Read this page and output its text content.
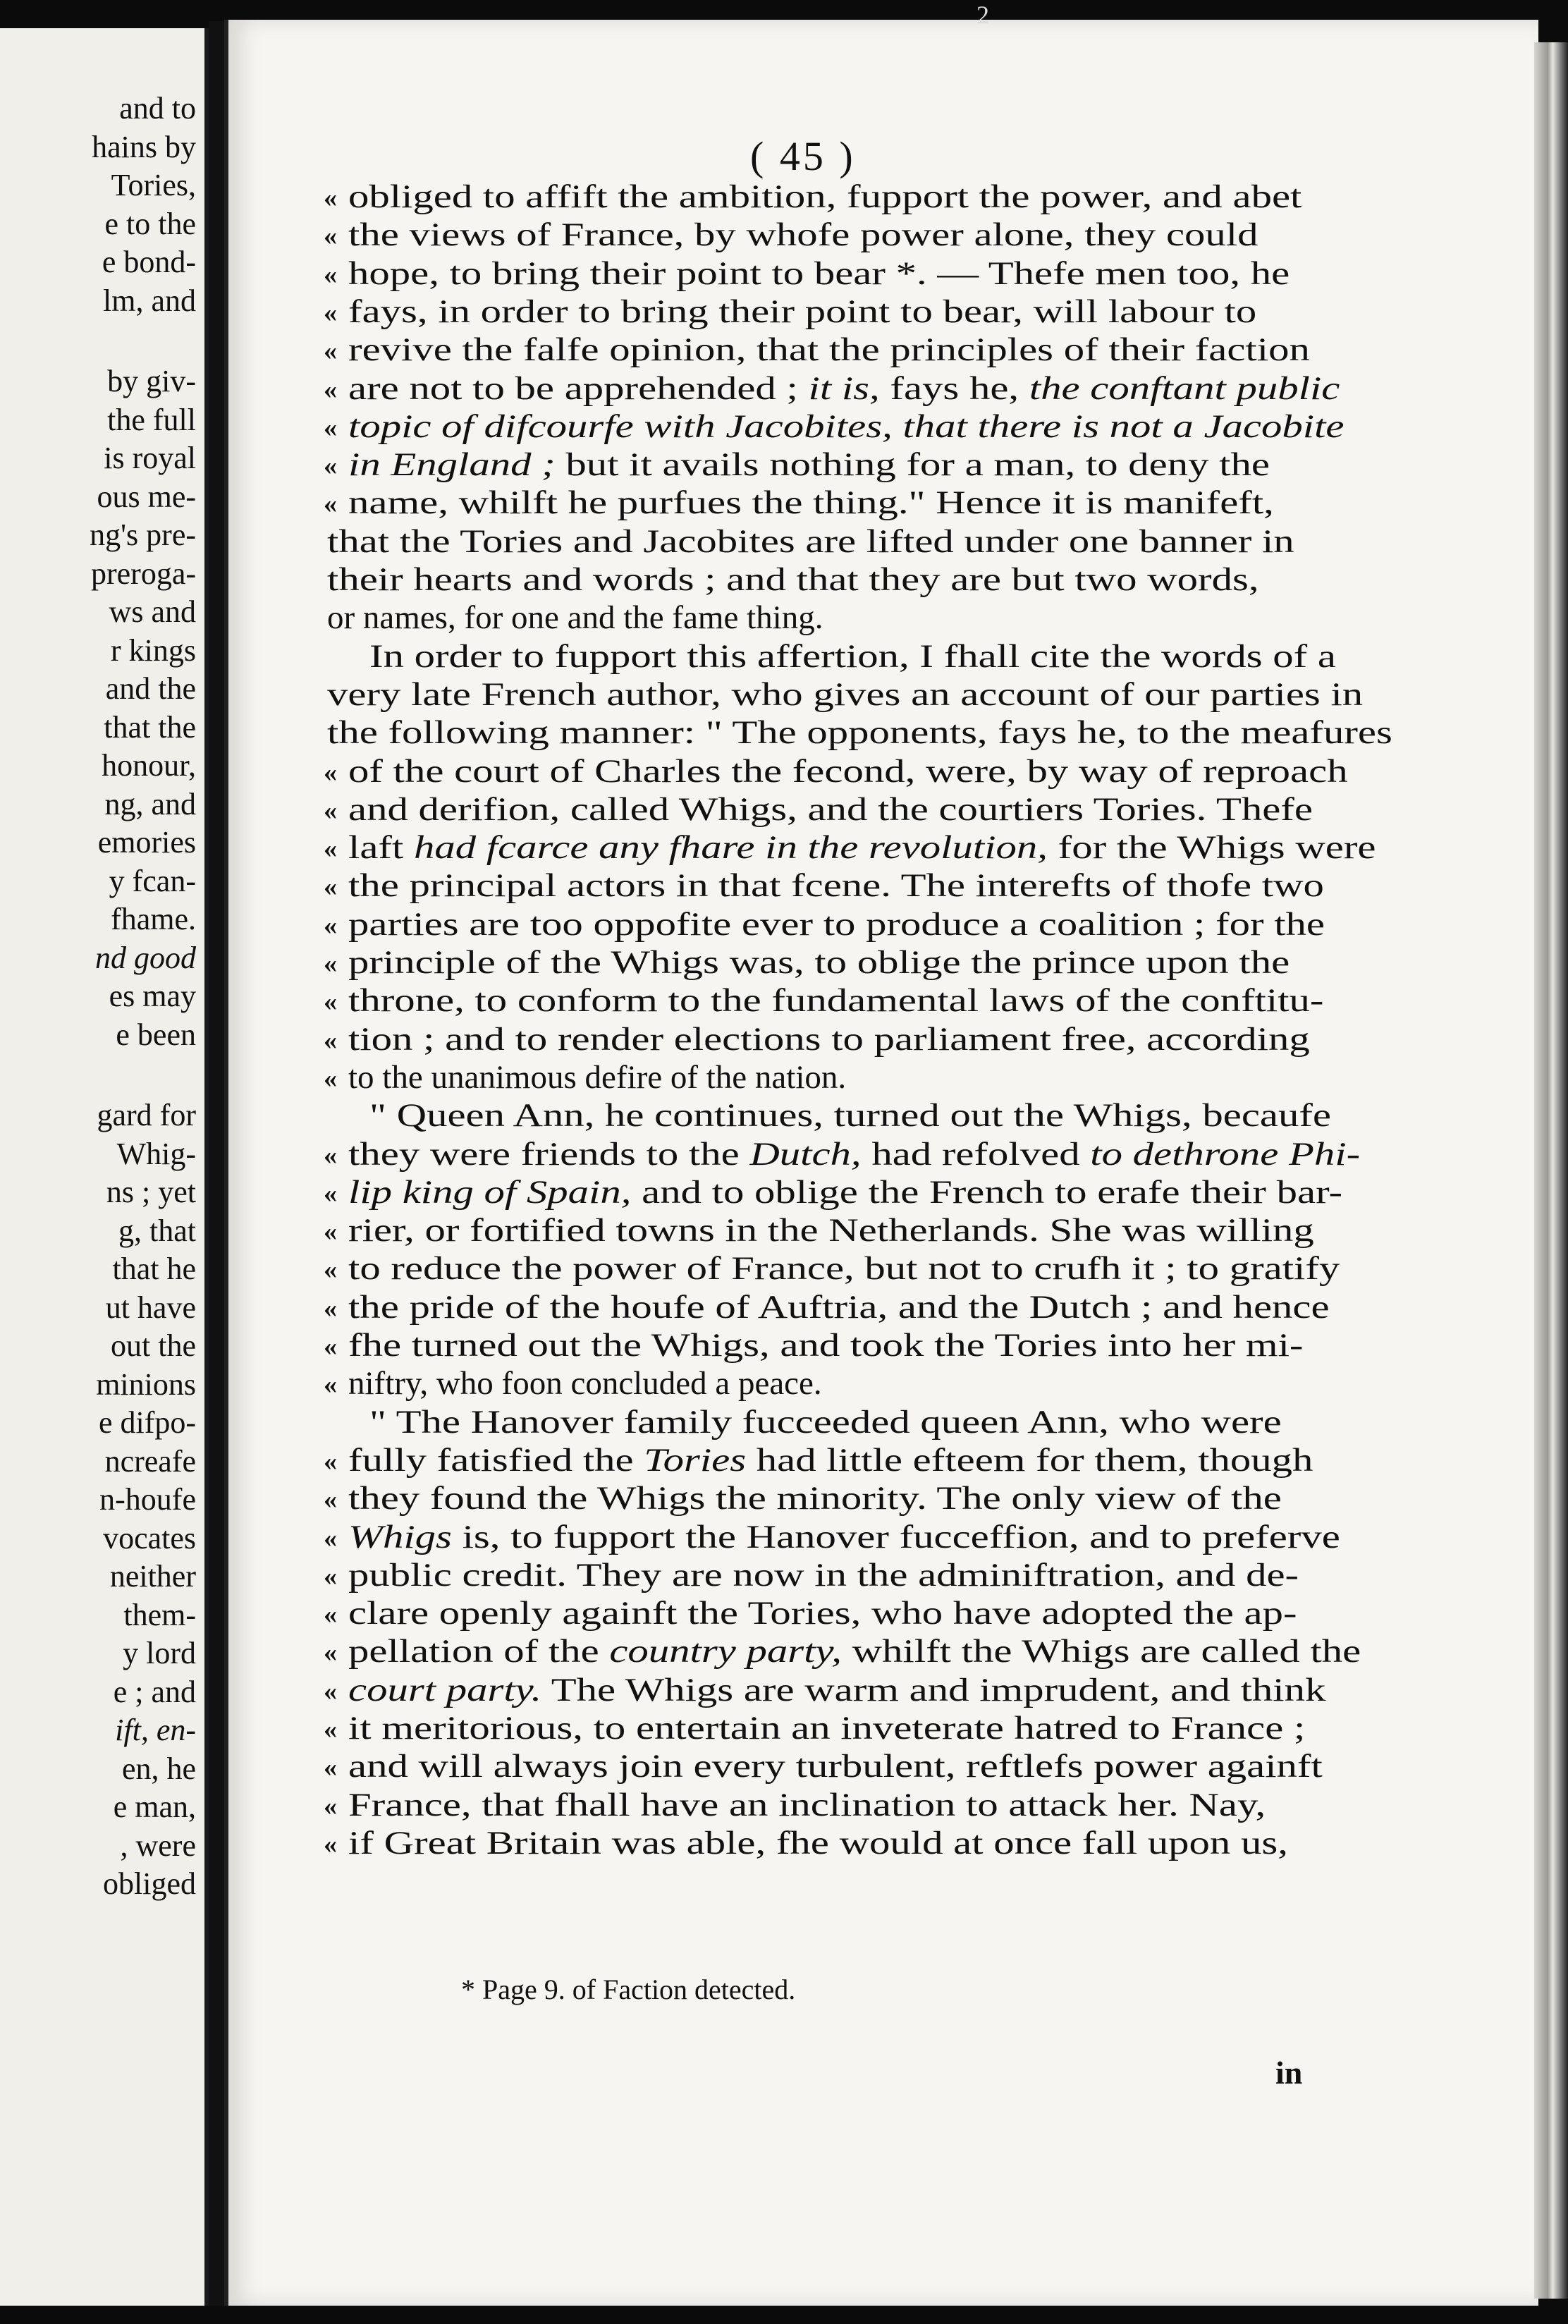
and to
hains by
Tories,
e to the
e bond-
lm, and
by giv-
the full
is royal
ous me-
ng's pre-
preroga-
ws and
r kings
and the
that the
honour,
ng, and
emories
y fcan-
fhame.
nd good
es may
e been
gard for
Whig-
ns ; yet
g, that
that he
ut have
out the
minions
e difpo-
ncreafe
n-houfe
vocates
neither
them-
y lord
e ; and
ift, en-
en, he
e man,
, were
obliged
( 45 )
« obliged to affift the ambition, fupport the power, and abet
« the views of France, by whofe power alone, they could
« hope, to bring their point to bear *. — Thefe men too, he
« fays, in order to bring their point to bear, will labour to
« revive the falfe opinion, that the principles of their faction
« are not to be apprehended ; it is, fays he, the conftant public
« topic of difcourfe with Jacobites, that there is not a Jacobite
« in England ; but it avails nothing for a man, to deny the
« name, whilft he purfues the thing." Hence it is manifeft,
that the Tories and Jacobites are lifted under one banner in
their hearts and words ; and that they are but two words,
or names, for one and the fame thing.
In order to fupport this affertion, I fhall cite the words of a
very late French author, who gives an account of our parties in
the following manner: " The opponents, fays he, to the meafures
« of the court of Charles the fecond, were, by way of reproach
« and derifion, called Whigs, and the courtiers Tories. Thefe
« laft had fcarce any fhare in the revolution, for the Whigs were
« the principal actors in that fcene. The interefts of thofe two
« parties are too oppofite ever to produce a coalition ; for the
« principle of the Whigs was, to oblige the prince upon the
« throne, to conform to the fundamental laws of the conftitu-
« tion ; and to render elections to parliament free, according
« to the unanimous defire of the nation.
" Queen Ann, he continues, turned out the Whigs, becaufe
« they were friends to the Dutch, had refolved to dethrone Phi-
« lip king of Spain, and to oblige the French to erafe their bar-
« rier, or fortified towns in the Netherlands. She was willing
« to reduce the power of France, but not to crufh it ; to gratify
« the pride of the houfe of Auftria, and the Dutch ; and hence
« fhe turned out the Whigs, and took the Tories into her mi-
« niftry, who foon concluded a peace.
" The Hanover family fucceeded queen Ann, who were
« fully fatisfied the Tories had little efteem for them, though
« they found the Whigs the minority. The only view of the
« Whigs is, to fupport the Hanover fucceffion, and to preferve
« public credit. They are now in the adminiftration, and de-
« clare openly againft the Tories, who have adopted the ap-
« pellation of the country party, whilft the Whigs are called the
« court party. The Whigs are warm and imprudent, and think
« it meritorious, to entertain an inveterate hatred to France ;
« and will always join every turbulent, reftlefs power againft
« France, that fhall have an inclination to attack her. Nay,
« if Great Britain was able, fhe would at once fall upon us,
* Page 9. of Faction detected.
in
2
